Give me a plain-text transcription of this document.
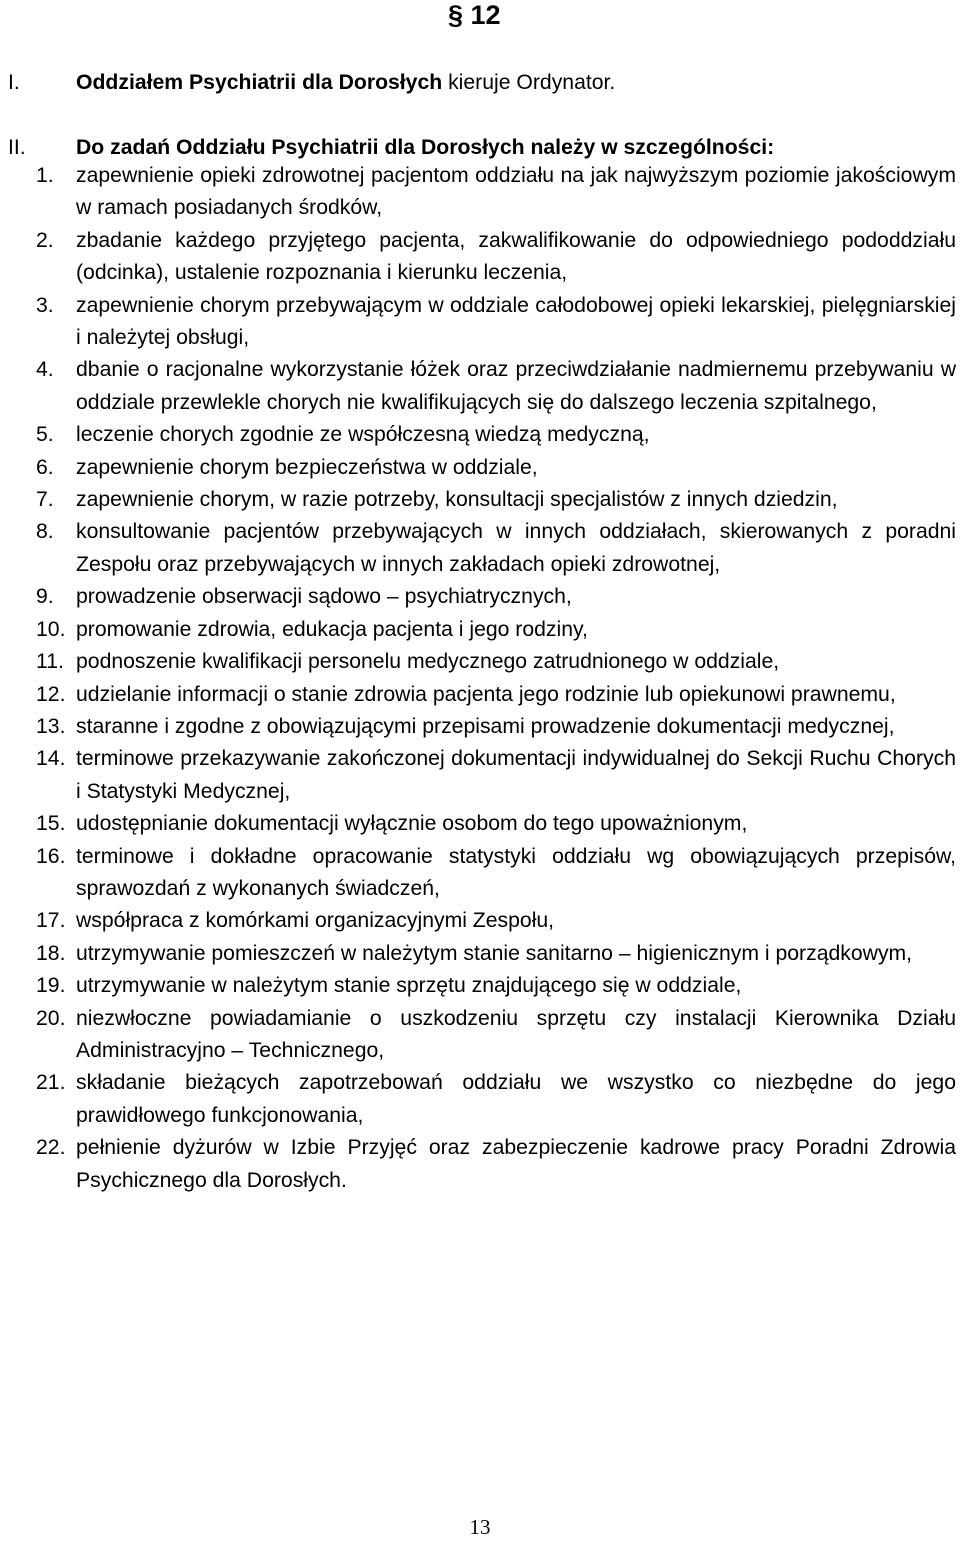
§ 12
I.	Oddziałem Psychiatrii dla Dorosłych kieruje Ordynator.
II. Do zadań Oddziału Psychiatrii dla Dorosłych należy w szczególności:
1.	zapewnienie opieki zdrowotnej pacjentom oddziału na jak najwyższym poziomie jakościowym w ramach posiadanych środków,
2.	zbadanie każdego przyjętego pacjenta, zakwalifikowanie do odpowiedniego pododdziału (odcinka), ustalenie rozpoznania i kierunku leczenia,
3.	zapewnienie chorym przebywającym w oddziale całodobowej opieki lekarskiej, pielęgniarskiej i należytej obsługi,
4.	dbanie o racjonalne wykorzystanie łóżek oraz przeciwdziałanie nadmiernemu przebywaniu w oddziale przewlekle chorych nie kwalifikujących się do dalszego leczenia szpitalnego,
5.	leczenie chorych zgodnie ze współczesną wiedzą medyczną,
6.	zapewnienie chorym bezpieczeństwa w oddziale,
7.	zapewnienie chorym, w razie potrzeby, konsultacji specjalistów z innych dziedzin,
8.	konsultowanie pacjentów przebywających w innych oddziałach, skierowanych z poradni Zespołu oraz przebywających w innych zakładach opieki zdrowotnej,
9.	prowadzenie obserwacji sądowo – psychiatrycznych,
10. promowanie zdrowia, edukacja pacjenta i jego rodziny,
11. podnoszenie kwalifikacji personelu medycznego zatrudnionego w oddziale,
12. udzielanie informacji o stanie zdrowia pacjenta jego rodzinie lub opiekunowi prawnemu,
13. staranne i zgodne z obowiązującymi przepisami prowadzenie dokumentacji medycznej,
14. terminowe przekazywanie zakończonej dokumentacji indywidualnej do Sekcji Ruchu Chorych i Statystyki Medycznej,
15. udostępnianie dokumentacji wyłącznie osobom do tego upoważnionym,
16. terminowe i dokładne opracowanie statystyki oddziału wg obowiązujących przepisów, sprawozdań z wykonanych świadczeń,
17. współpraca z komórkami organizacyjnymi Zespołu,
18. utrzymywanie pomieszczeń w należytym stanie sanitarno – higienicznym i porządkowym,
19. utrzymywanie w należytym stanie sprzętu znajdującego się w oddziale,
20. niezwłoczne powiadamianie o uszkodzeniu sprzętu czy instalacji Kierownika Działu Administracyjno – Technicznego,
21. składanie bieżących zapotrzebowań oddziału we wszystko co niezbędne do jego prawidłowego funkcjonowania,
22. pełnienie dyżurów w Izbie Przyjęć oraz zabezpieczenie kadrowe pracy Poradni Zdrowia Psychicznego dla Dorosłych.
13
